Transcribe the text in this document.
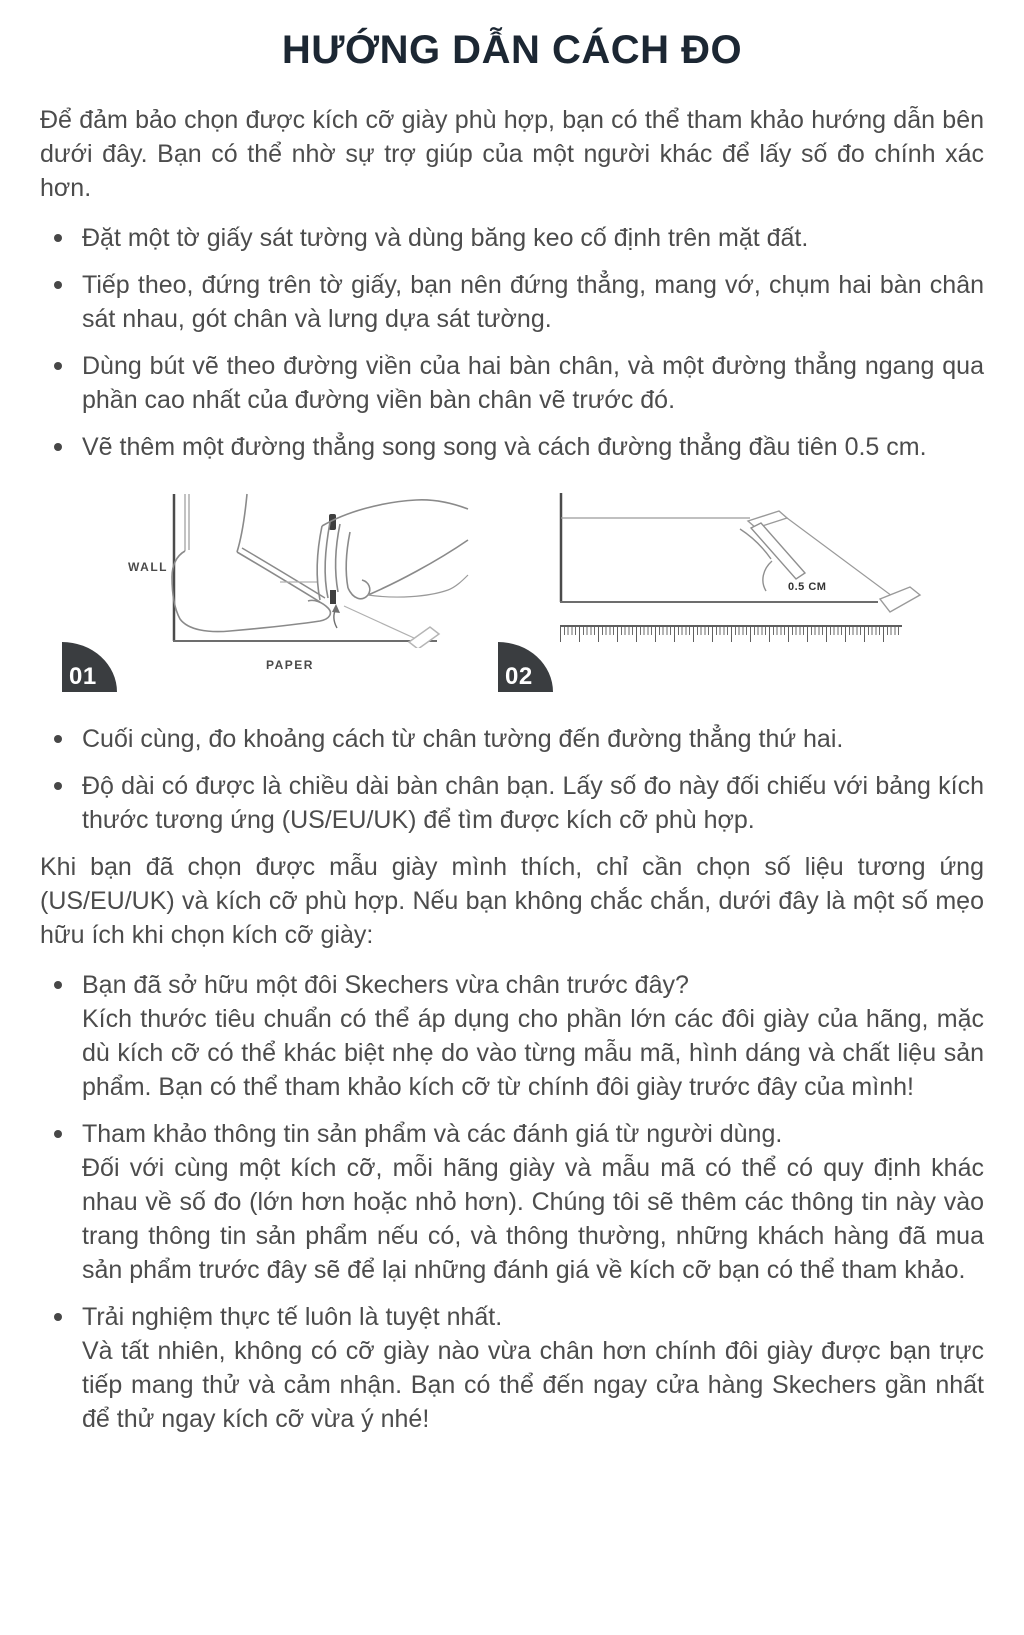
HƯỚNG DẪN CÁCH ĐO

Để đảm bảo chọn được kích cỡ giày phù hợp, bạn có thể tham khảo hướng dẫn bên dưới đây. Bạn có thể nhờ sự trợ giúp của một người khác để lấy số đo chính xác hơn.

Đặt một tờ giấy sát tường và dùng băng keo cố định trên mặt đất.
Tiếp theo, đứng trên tờ giấy, bạn nên đứng thẳng, mang vớ, chụm hai bàn chân sát nhau, gót chân và lưng dựa sát tường.
Dùng bút vẽ theo đường viền của hai bàn chân, và một đường thẳng ngang qua phần cao nhất của đường viền bàn chân vẽ trước đó.
Vẽ thêm một đường thẳng song song và cách đường thẳng đầu tiên 0.5 cm.
WALL
PAPER
0.5 CM
01	02
Cuối cùng, đo khoảng cách từ chân tường đến đường thẳng thứ hai.
Độ dài có được là chiều dài bàn chân bạn. Lấy số đo này đối chiếu với bảng kích thước tương ứng (US/EU/UK) để tìm được kích cỡ phù hợp.

Khi bạn đã chọn được mẫu giày mình thích, chỉ cần chọn số liệu tương ứng (US/EU/UK) và kích cỡ phù hợp. Nếu bạn không chắc chắn, dưới đây là một số mẹo hữu ích khi chọn kích cỡ giày:

Bạn đã sở hữu một đôi Skechers vừa chân trước đây?
Kích thước tiêu chuẩn có thể áp dụng cho phần lớn các đôi giày của hãng, mặc dù kích cỡ có thể khác biệt nhẹ do vào từng mẫu mã, hình dáng và chất liệu sản phẩm. Bạn có thể tham khảo kích cỡ từ chính đôi giày trước đây của mình!
Tham khảo thông tin sản phẩm và các đánh giá từ người dùng.
Đối với cùng một kích cỡ, mỗi hãng giày và mẫu mã có thể có quy định khác nhau về số đo (lớn hơn hoặc nhỏ hơn). Chúng tôi sẽ thêm các thông tin này vào trang thông tin sản phẩm nếu có, và thông thường, những khách hàng đã mua sản phẩm trước đây sẽ để lại những đánh giá về kích cỡ bạn có thể tham khảo.
Trải nghiệm thực tế luôn là tuyệt nhất.
Và tất nhiên, không có cỡ giày nào vừa chân hơn chính đôi giày được bạn trực tiếp mang thử và cảm nhận. Bạn có thể đến ngay cửa hàng Skechers gần nhất để thử ngay kích cỡ vừa ý nhé!
